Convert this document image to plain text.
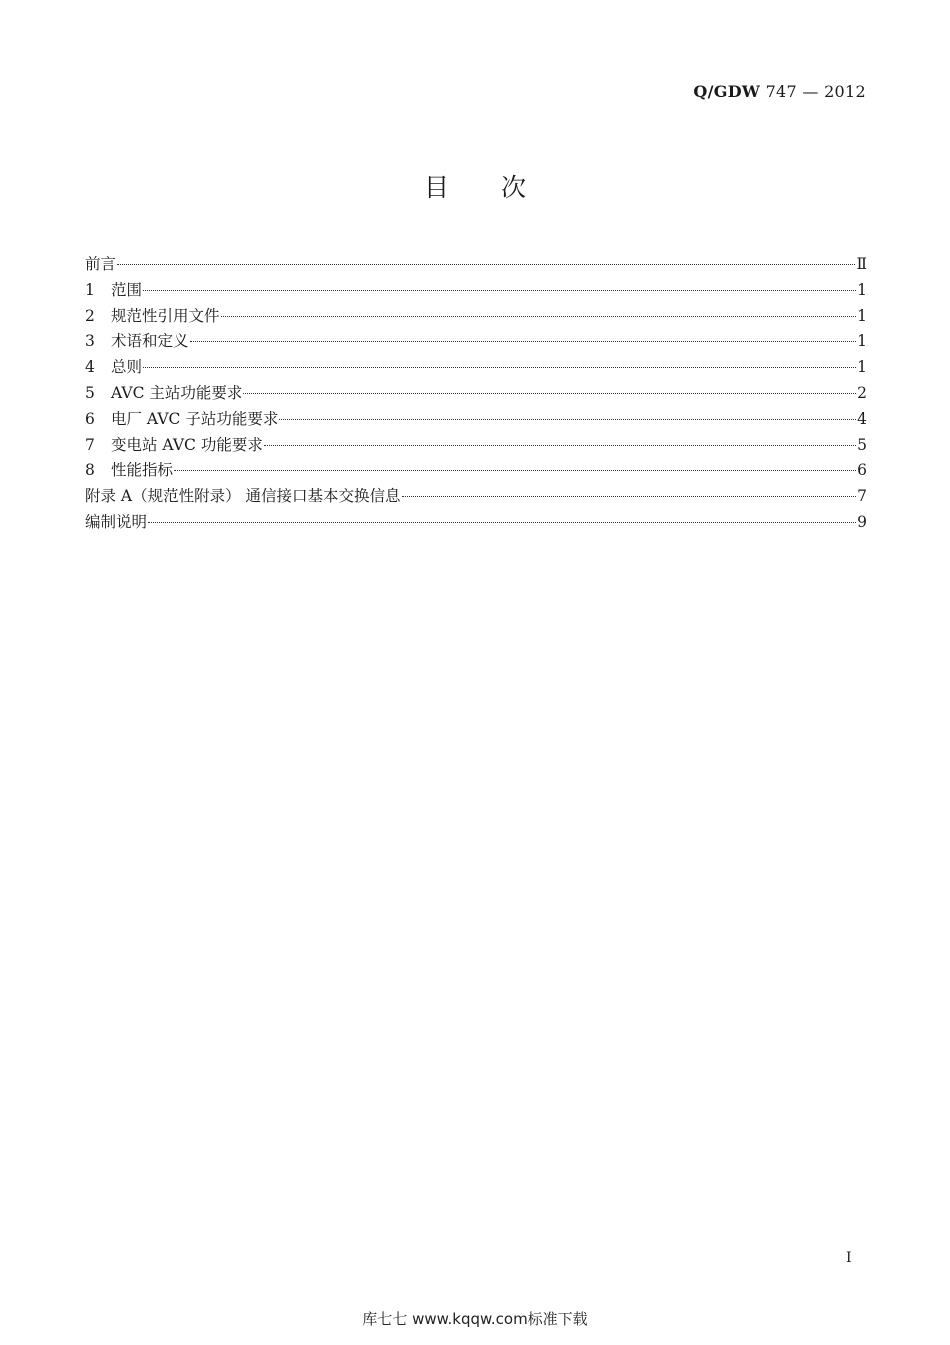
Q/GDW 747 — 2012
目 次
前言	Ⅱ
1	范围	1
2	规范性引用文件	1
3	术语和定义	1
4	总则	1
5	AVC 主站功能要求	2
6	电厂 AVC 子站功能要求	4
7	变电站 AVC 功能要求	5
8	性能指标	6
附录 A（规范性附录） 通信接口基本交换信息	7
编制说明	9
I
库七七 www.kqqw.com标准下载
